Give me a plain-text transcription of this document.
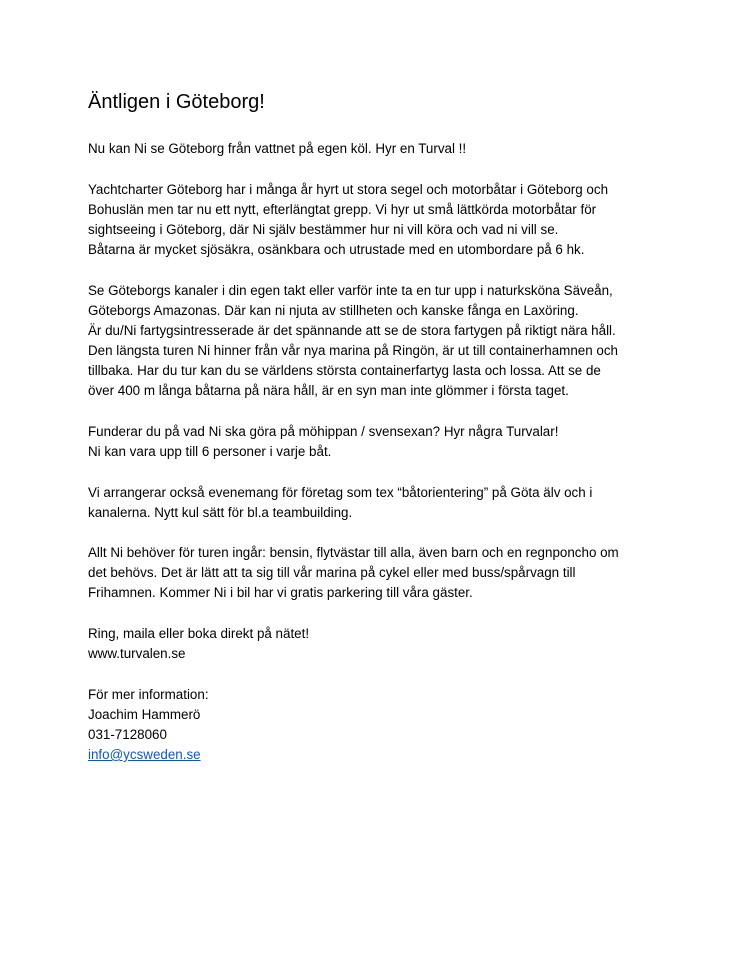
Äntligen i Göteborg!
Nu kan Ni se Göteborg från vattnet på egen köl. Hyr en Turval !!
Yachtcharter Göteborg har i många år hyrt ut stora segel och motorbåtar i Göteborg och
Bohuslän men tar nu ett nytt, efterlängtat grepp. Vi hyr ut små lättkörda motorbåtar för
sightseeing i Göteborg, där Ni själv bestämmer hur ni vill köra och vad ni vill se.
Båtarna är mycket sjösäkra, osänkbara och utrustade med en utombordare på 6 hk.
Se Göteborgs kanaler i din egen takt eller varför inte ta en tur upp i naturksköna Säveån,
Göteborgs Amazonas. Där kan ni njuta av stillheten och kanske fånga en Laxöring.
Är du/Ni fartygsintresserade är det spännande att se de stora fartygen på riktigt nära håll.
Den längsta turen Ni hinner från vår nya marina på Ringön, är ut till containerhamnen och
tillbaka. Har du tur kan du se världens största containerfartyg lasta och lossa. Att se de
över 400 m långa båtarna på nära håll, är en syn man inte glömmer i första taget.
Funderar du på vad Ni ska göra på möhippan / svensexan? Hyr några Turvalar!
Ni kan vara upp till 6 personer i varje båt.
Vi arrangerar också evenemang för företag som tex “båtorientering” på Göta älv och i
kanalerna. Nytt kul sätt för bl.a teambuilding.
Allt Ni behöver för turen ingår: bensin, flytvästar till alla, även barn och en regnponcho om
det behövs. Det är lätt att ta sig till vår marina på cykel eller med buss/spårvagn till
Frihamnen. Kommer Ni i bil har vi gratis parkering till våra gäster.
Ring, maila eller boka direkt på nätet!
www.turvalen.se
För mer information:
Joachim Hammerö
031-7128060
info@ycsweden.se
